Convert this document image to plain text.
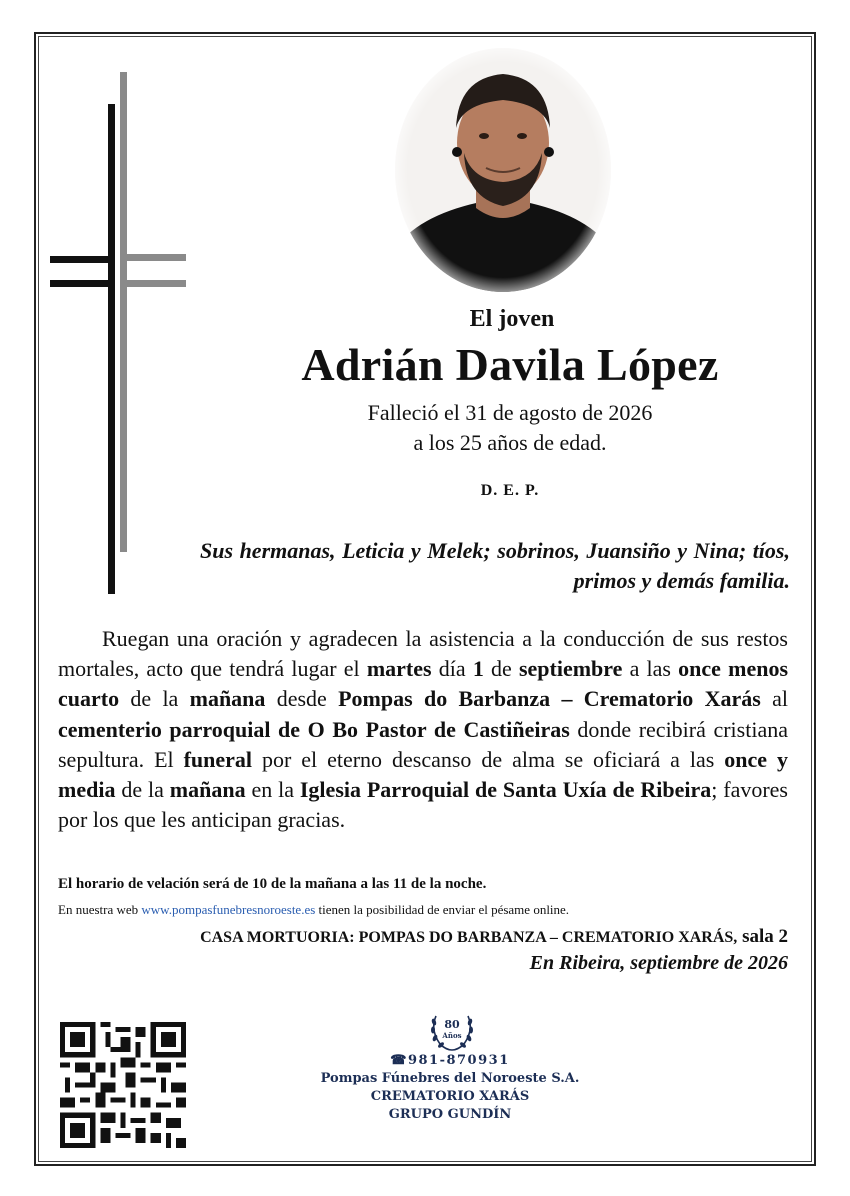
El joven
Adrián Davila López
Falleció el 31 de agosto de 2026
a los 25 años de edad.
D. E. P.
Sus hermanas, Leticia y Melek; sobrinos, Juansiño y Nina; tíos, primos y demás familia.
Ruegan una oración y agradecen la asistencia a la conducción de sus restos mortales, acto que tendrá lugar el martes día 1 de septiembre a las once menos cuarto de la mañana desde Pompas do Barbanza – Crematorio Xarás al cementerio parroquial de O Bo Pastor de Castiñeiras donde recibirá cristiana sepultura. El funeral por el eterno descanso de alma se oficiará a las once y media de la mañana en la Iglesia Parroquial de Santa Uxía de Ribeira; favores por los que les anticipan gracias.
El horario de velación será de 10 de la mañana a las 11 de la noche.
En nuestra web www.pompasfunebresnoroeste.es tienen la posibilidad de enviar el pésame online.
CASA MORTUORIA: POMPAS DO BARBANZA – CREMATORIO XARÁS, sala 2
En Ribeira, septiembre de 2026
80
Años
☎981-870931
Pompas Fúnebres del Noroeste S.A.
CREMATORIO XARÁS
GRUPO GUNDÍN
